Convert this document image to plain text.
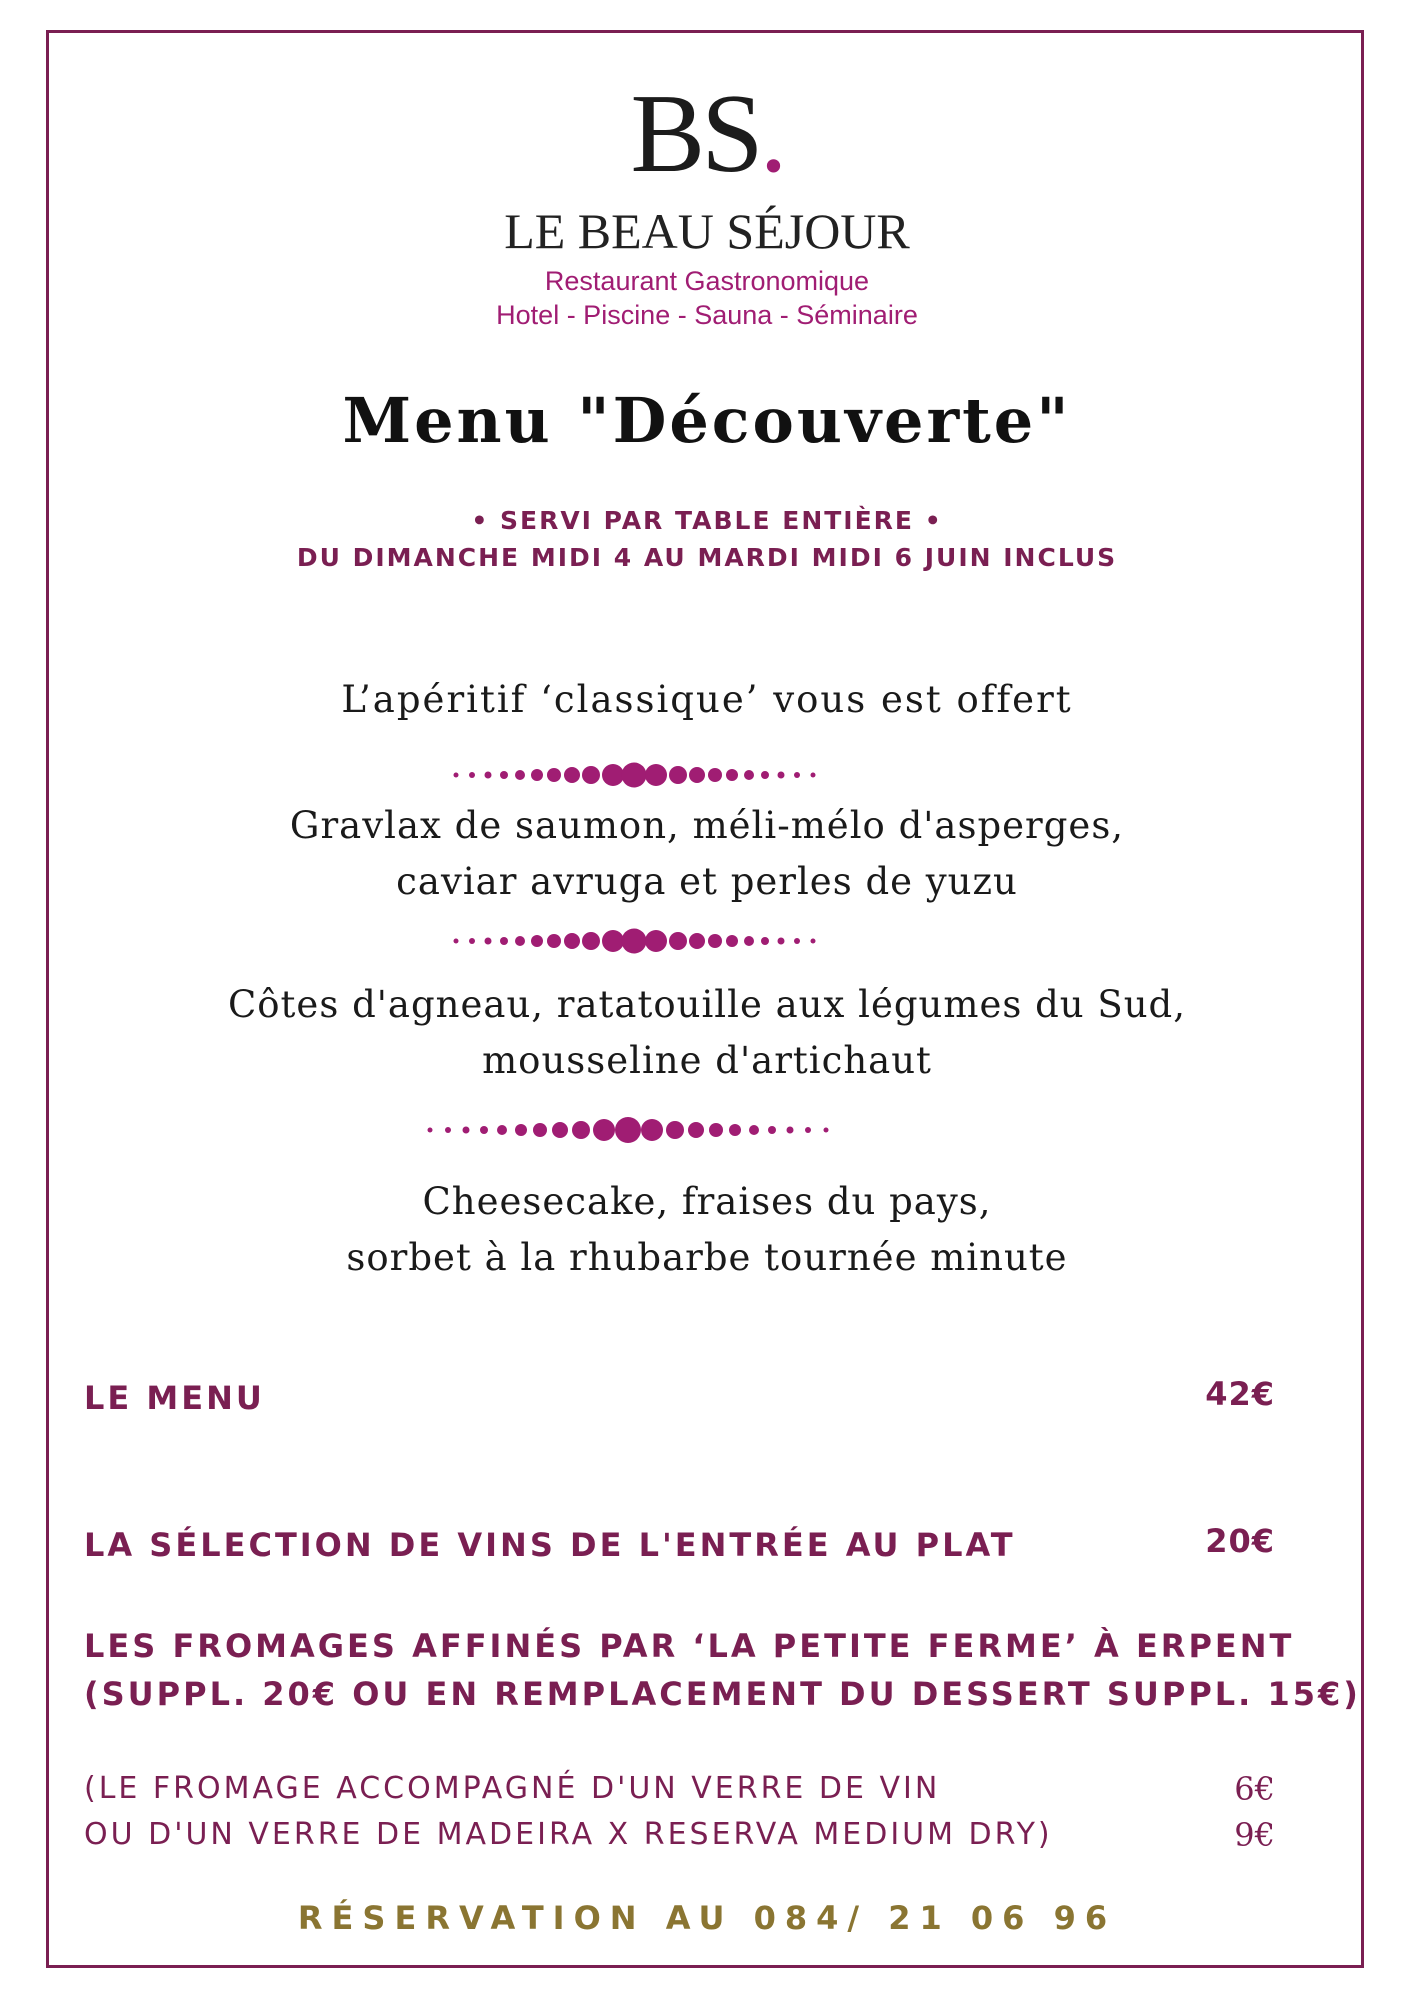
BS.
LE BEAU SÉJOUR
Restaurant Gastronomique
Hotel - Piscine - Sauna - Séminaire
Menu "Découverte"
• SERVI PAR TABLE ENTIÈRE •
DU DIMANCHE MIDI 4 AU MARDI MIDI 6 JUIN INCLUS
L’apéritif ‘classique’ vous est offert
Gravlax de saumon, méli-mélo d'asperges,
caviar avruga et perles de yuzu
Côtes d'agneau, ratatouille aux légumes du Sud,
mousseline d'artichaut
Cheesecake, fraises du pays,
sorbet à la rhubarbe tournée minute
LE MENU	42€
LA SÉLECTION DE VINS DE L'ENTRÉE AU PLAT	20€
LES FROMAGES AFFINÉS PAR ‘LA PETITE FERME’ À ERPENT
(SUPPL. 20€ OU EN REMPLACEMENT DU DESSERT SUPPL. 15€)
(LE FROMAGE ACCOMPAGNÉ D'UN VERRE DE VIN
OU D'UN VERRE DE MADEIRA X RESERVA MEDIUM DRY)
6€
9€
RÉSERVATION AU 084/ 21 06 96
